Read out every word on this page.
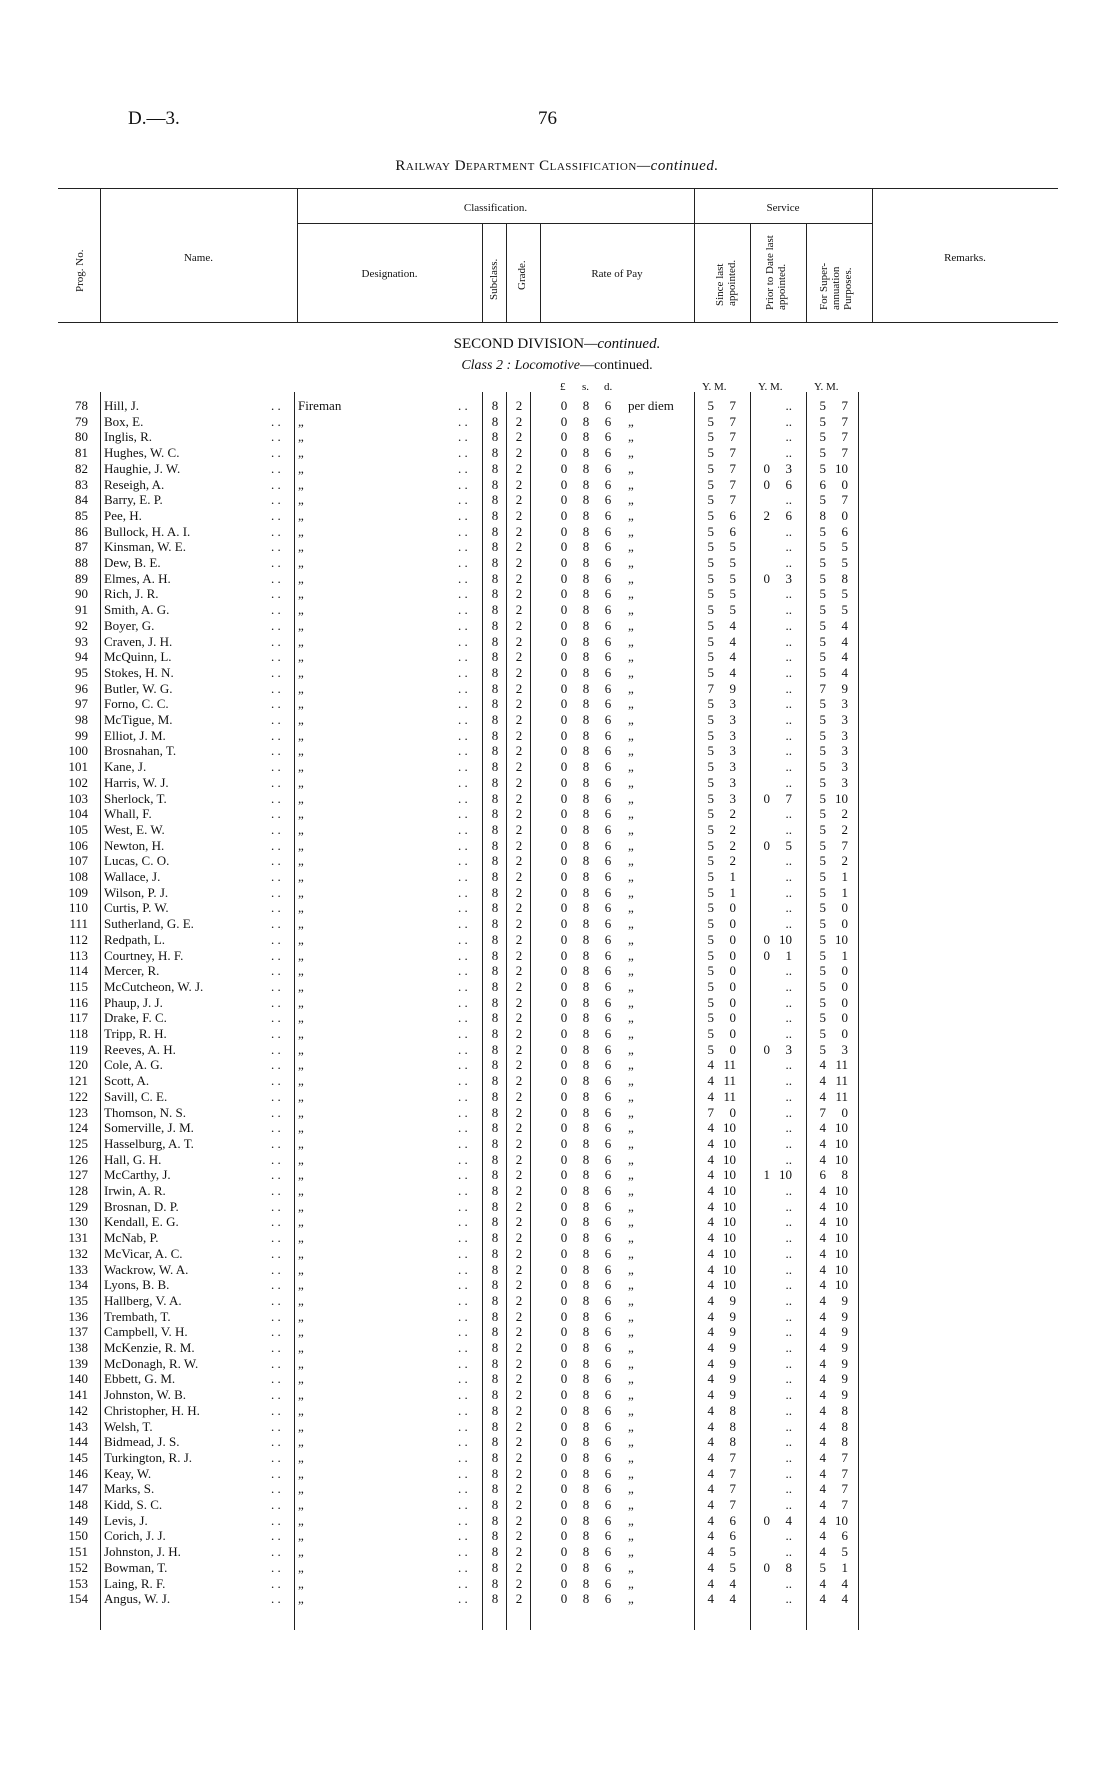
D.—3.	76
Railway Department Classification—continued.
Prog. No.	Name.
Classification.
Designation.	Subclass. Grade.	Rate of Pay
Service
Since last appointed. Prior to Date last appointed.	For Super-annuation Purposes.
Remarks.
SECOND DIVISION—continued.
Class 2 : Locomotive—continued.
£ s. d.	Y. M.	Y. M.	Y. M.
78 Hill, J.	. .	Fireman	. .	8 2	0 8 6 per diem	5	7	..	5	7
79 Box, E.	. .	„	. .	8 2	0 8 6 „	5	7	..	5	7
80 Inglis, R.	. .	„	. .	8 2	0 8 6 „	5	7	..	5	7
81 Hughes, W. C.	. .	„	. .	8 2	0 8 6 „	5	7	..	5	7
82 Haughie, J. W.	. .	„	. .	8 2	0 8 6 „	5	7	0	3	5 10
83 Reseigh, A.	. .	„	. .	8 2	0 8 6 „	5	7	0	6	6	0
84 Barry, E. P.	. .	„	. .	8 2	0 8 6 „	5	7	..	5	7
85 Pee, H.	. .	„	. .	8 2	0 8 6 „	5	6	2	6	8	0
86 Bullock, H. A. I.	. .	„	. .	8 2	0 8 6 „	5	6	..	5	6
87 Kinsman, W. E.	. .	„	. .	8 2	0 8 6 „	5	5	..	5	5
88 Dew, B. E.	. .	„	. .	8 2	0 8 6 „	5	5	..	5	5
89 Elmes, A. H.	. .	„	. .	8 2	0 8 6 „	5	5	0	3	5	8
90 Rich, J. R.	. .	„	. .	8 2	0 8 6 „	5	5	..	5	5
91 Smith, A. G.	. .	„	. .	8 2	0 8 6 „	5	5	..	5	5
92 Boyer, G.	. .	„	. .	8 2	0 8 6 „	5	4	..	5	4
93 Craven, J. H.	. .	„	. .	8 2	0 8 6 „	5	4	..	5	4
94 McQuinn, L.	. .	„	. .	8 2	0 8 6 „	5	4	..	5	4
95 Stokes, H. N.	. .	„	. .	8 2	0 8 6 „	5	4	..	5	4
96 Butler, W. G.	. .	„	. .	8 2	0 8 6 „	7	9	..	7	9
97 Forno, C. C.	. .	„	. .	8 2	0 8 6 „	5	3	..	5	3
98 McTigue, M.	. .	„	. .	8 2	0 8 6 „	5	3	..	5	3
99 Elliot, J. M.	. .	„	. .	8 2	0 8 6 „	5	3	..	5	3
100 Brosnahan, T.	. .	„	. .	8 2	0 8 6 „	5	3	..	5	3
101 Kane, J.	. .	„	. .	8 2	0 8 6 „	5	3	..	5	3
102 Harris, W. J.	. .	„	. .	8 2	0 8 6 „	5	3	..	5	3
103 Sherlock, T.	. .	„	. .	8 2	0 8 6 „	5	3	0	7	5 10
104 Whall, F.	. .	„	. .	8 2	0 8 6 „	5	2	..	5	2
105 West, E. W.	. .	„	. .	8 2	0 8 6 „	5	2	..	5	2
106 Newton, H.	. .	„	. .	8 2	0 8 6 „	5	2	0	5	5	7
107 Lucas, C. O.	. .	„	. .	8 2	0 8 6 „	5	2	..	5	2
108 Wallace, J.	. .	„	. .	8 2	0 8 6 „	5	1	..	5	1
109 Wilson, P. J.	. .	„	. .	8 2	0 8 6 „	5	1	..	5	1
110 Curtis, P. W.	. .	„	. .	8 2	0 8 6 „	5	0	..	5	0
111 Sutherland, G. E.	. .	„	. .	8 2	0 8 6 „	5	0	..	5	0
112 Redpath, L.	. .	„	. .	8 2	0 8 6 „	5	0	0 10	5 10
113 Courtney, H. F.	. .	„	. .	8 2	0 8 6 „	5	0	0	1	5	1
114 Mercer, R.	. .	„	. .	8 2	0 8 6 „	5	0	..	5	0
115 McCutcheon, W. J.	. .	„	. .	8 2	0 8 6 „	5	0	..	5	0
116 Phaup, J. J.	. .	„	. .	8 2	0 8 6 „	5	0	..	5	0
117 Drake, F. C.	. .	„	. .	8 2	0 8 6 „	5	0	..	5	0
118 Tripp, R. H.	. .	„	. .	8 2	0 8 6 „	5	0	..	5	0
119 Reeves, A. H.	. .	„	. .	8 2	0 8 6 „	5	0	0	3	5	3
120 Cole, A. G.	. .	„	. .	8 2	0 8 6 „	4 11	..	4 11
121 Scott, A.	. .	„	. .	8 2	0 8 6 „	4 11	..	4 11
122 Savill, C. E.	. .	„	. .	8 2	0 8 6 „	4 11	..	4 11
123 Thomson, N. S.	. .	„	. .	8 2	0 8 6 „	7	0	..	7	0
124 Somerville, J. M.	. .	„	. .	8 2	0 8 6 „	4 10	..	4 10
125 Hasselburg, A. T.	. .	„	. .	8 2	0 8 6 „	4 10	..	4 10
126 Hall, G. H.	. .	„	. .	8 2	0 8 6 „	4 10	..	4 10
127 McCarthy, J.	. .	„	. .	8 2	0 8 6 „	4 10	1 10	6	8
128 Irwin, A. R.	. .	„	. .	8 2	0 8 6 „	4 10	..	4 10
129 Brosnan, D. P.	. .	„	. .	8 2	0 8 6 „	4 10	..	4 10
130 Kendall, E. G.	. .	„	. .	8 2	0 8 6 „	4 10	..	4 10
131 McNab, P.	. .	„	. .	8 2	0 8 6 „	4 10	..	4 10
132 McVicar, A. C.	. .	„	. .	8 2	0 8 6 „	4 10	..	4 10
133 Wackrow, W. A.	. .	„	. .	8 2	0 8 6 „	4 10	..	4 10
134 Lyons, B. B.	. .	„	. .	8 2	0 8 6 „	4 10	..	4 10
135 Hallberg, V. A.	. .	„	. .	8 2	0 8 6 „	4	9	..	4	9
136 Trembath, T.	. .	„	. .	8 2	0 8 6 „	4	9	..	4	9
137 Campbell, V. H.	. .	„	. .	8 2	0 8 6 „	4	9	..	4	9
138 McKenzie, R. M.	. .	„	. .	8 2	0 8 6 „	4	9	..	4	9
139 McDonagh, R. W.	. .	„	. .	8 2	0 8 6 „	4	9	..	4	9
140 Ebbett, G. M.	. .	„	. .	8 2	0 8 6 „	4	9	..	4	9
141 Johnston, W. B.	. .	„	. .	8 2	0 8 6 „	4	9	..	4	9
142 Christopher, H. H.	. .	„	. .	8 2	0 8 6 „	4	8	..	4	8
143 Welsh, T.	. .	„	. .	8 2	0 8 6 „	4	8	..	4	8
144 Bidmead, J. S.	. .	„	. .	8 2	0 8 6 „	4	8	..	4	8
145 Turkington, R. J.	. .	„	. .	8 2	0 8 6 „	4	7	..	4	7
146 Keay, W.	. .	„	. .	8 2	0 8 6 „	4	7	..	4	7
147 Marks, S.	. .	„	. .	8 2	0 8 6 „	4	7	..	4	7
148 Kidd, S. C.	. .	„	. .	8 2	0 8 6 „	4	7	..	4	7
149 Levis, J.	. .	„	. .	8 2	0 8 6 „	4	6	0	4	4 10
150 Corich, J. J.	. .	„	. .	8 2	0 8 6 „	4	6	..	4	6
151 Johnston, J. H.	. .	„	. .	8 2	0 8 6 „	4	5	..	4	5
152 Bowman, T.	. .	„	. .	8 2	0 8 6 „	4	5	0	8	5	1
153 Laing, R. F.	. .	„	. .	8 2	0 8 6 „	4	4	..	4	4
154 Angus, W. J.	. .	„	. .	8 2	0 8 6 „	4	4	..	4	4
